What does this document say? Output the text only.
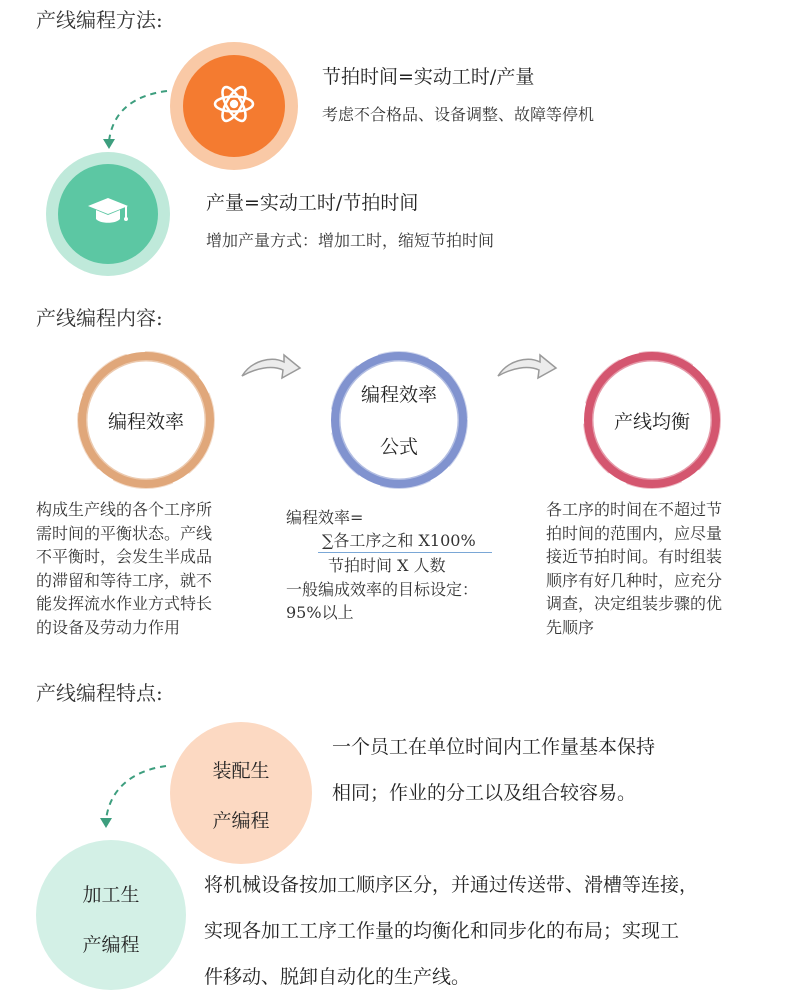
产线编程方法:
节拍时间=实动工时/产量
考虑不合格品、设备调整、故障等停机
产量=实动工时/节拍时间
增加产量方式：增加工时，缩短节拍时间
产线编程内容:
编程效率
编程效率
公式
产线均衡
构成生产线的各个工序所
需时间的平衡状态。产线
不平衡时，会发生半成品
的滞留和等待工序，就不
能发挥流水作业方式特长
的设备及劳动力作用
编程效率=
∑各工序之和 X100%
节拍时间 X 人数
一般编成效率的目标设定：
95%以上
各工序的时间在不超过节
拍时间的范围内，应尽量
接近节拍时间。有时组装
顺序有好几种时，应充分
调查，决定组装步骤的优
先顺序
产线编程特点:
装配生
产编程
一个员工在单位时间内工作量基本保持
相同；作业的分工以及组合较容易。
加工生
产编程
将机械设备按加工顺序区分，并通过传送带、滑槽等连接，
实现各加工工序工作量的均衡化和同步化的布局；实现工
件移动、脱卸自动化的生产线。
